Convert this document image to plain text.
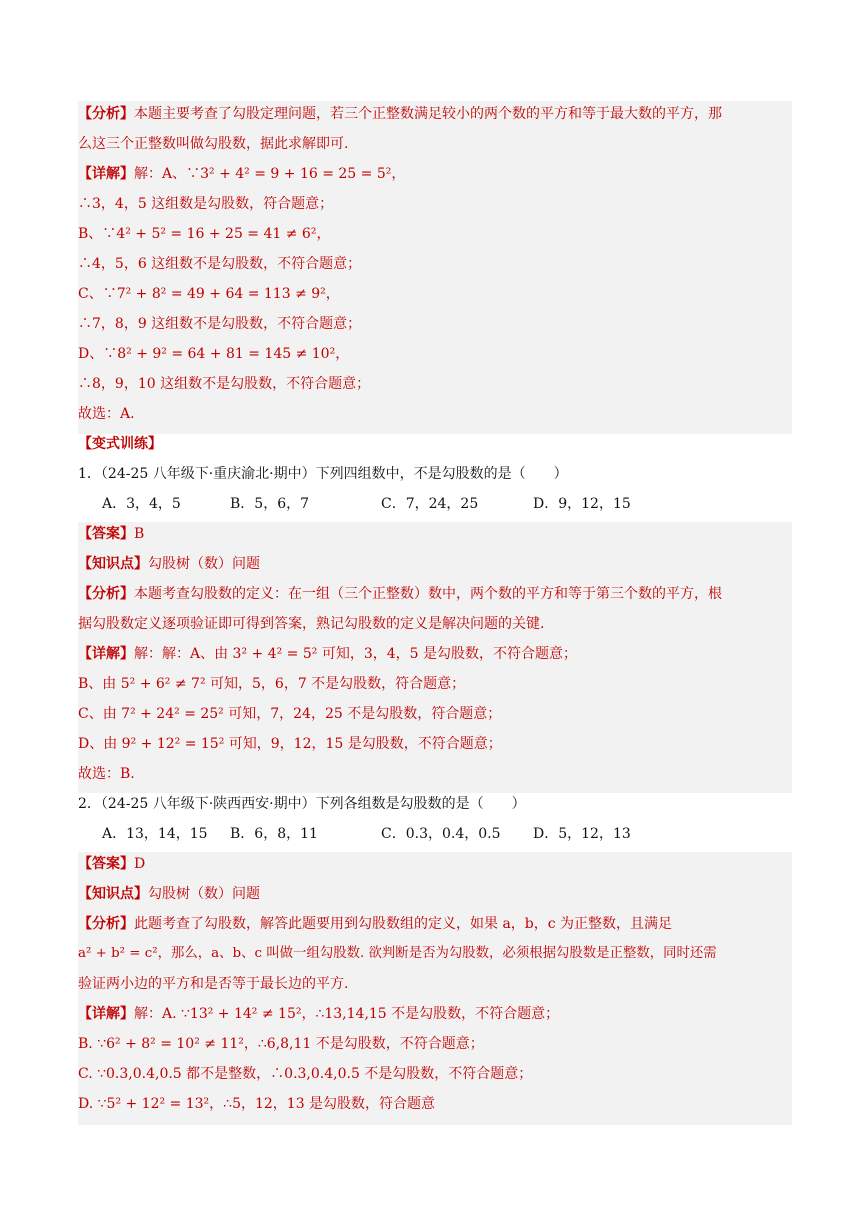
【分析】本题主要考查了勾股定理问题，若三个正整数满足较小的两个数的平方和等于最大数的平方，那
么这三个正整数叫做勾股数，据此求解即可.
【详解】解：A、∵3² + 4² = 9 + 16 = 25 = 5²，
∴3，4，5 这组数是勾股数，符合题意；
B、∵4² + 5² = 16 + 25 = 41 ≠ 6²，
∴4，5，6 这组数不是勾股数，不符合题意；
C、∵7² + 8² = 49 + 64 = 113 ≠ 9²，
∴7，8，9 这组数不是勾股数，不符合题意；
D、∵8² + 9² = 64 + 81 = 145 ≠ 10²，
∴8，9，10 这组数不是勾股数，不符合题意；
故选：A.
【变式训练】
1．（24-25 八年级下·重庆渝北·期中）下列四组数中，不是勾股数的是（　　）
A．3，4，5	B．5，6，7	C．7，24，25	D．9，12，15
【答案】B
【知识点】勾股树（数）问题
【分析】本题考查勾股数的定义：在一组（三个正整数）数中，两个数的平方和等于第三个数的平方，根
据勾股数定义逐项验证即可得到答案，熟记勾股数的定义是解决问题的关键.
【详解】解：解：A、由 3² + 4² = 5² 可知，3，4，5 是勾股数，不符合题意；
B、由 5² + 6² ≠ 7² 可知，5，6，7 不是勾股数，符合题意；
C、由 7² + 24² = 25² 可知，7，24，25 不是勾股数，符合题意；
D、由 9² + 12² = 15² 可知，9，12，15 是勾股数，不符合题意；
故选：B.
2．（24-25 八年级下·陕西西安·期中）下列各组数是勾股数的是（　　）
A．13，14，15 B．6，8，11	C．0.3，0.4，0.5 D．5，12，13
【答案】D
【知识点】勾股树（数）问题
【分析】此题考查了勾股数，解答此题要用到勾股数组的定义，如果 a，b，c 为正整数，且满足
a² + b² = c²，那么，a、b、c 叫做一组勾股数. 欲判断是否为勾股数，必须根据勾股数是正整数，同时还需
验证两小边的平方和是否等于最长边的平方.
【详解】解：A. ∵13² + 14² ≠ 15²，∴13,14,15 不是勾股数，不符合题意；
B. ∵6² + 8² = 10² ≠ 11²，∴6,8,11 不是勾股数，不符合题意；
C. ∵0.3,0.4,0.5 都不是整数，∴0.3,0.4,0.5 不是勾股数，不符合题意；
D. ∵5² + 12² = 13²，∴5，12，13 是勾股数，符合题意
